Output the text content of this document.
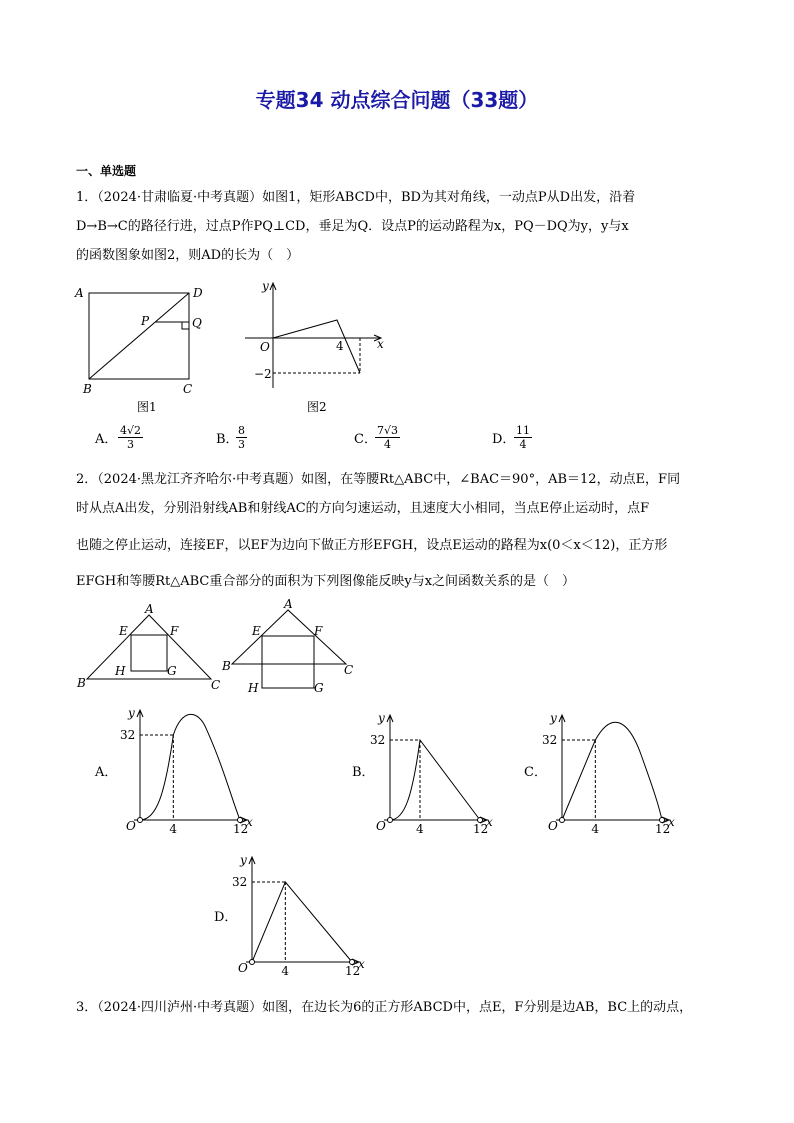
专题34 动点综合问题（33题）
一、单选题
1．（2024·甘肃临夏·中考真题）如图1，矩形ABCD中，BD为其对角线，一动点P从D出发，沿着
D→B→C的路径行进，过点P作PQ⊥CD，垂足为Q．设点P的运动路程为x，PQ－DQ为y，y与x
的函数图象如图2，则AD的长为（　）
A	D
B	C
P	Q
图1
y
x
O	4
−2
图2
A． $\frac{4√2}{3}$	B．
$\frac{8}{3}$	C．
$\frac{7√3}{4}$	D．
$\frac{11}{4}$
2．（2024·黑龙江齐齐哈尔·中考真题）如图，在等腰Rt△ABC中，∠BAC＝90°，AB＝12，动点E，F同
时从点A出发，分别沿射线AB和射线AC的方向匀速运动，且速度大小相同，当点E停止运动时，点F
也随之停止运动，连接EF，以EF为边向下做正方形EFGH，设点E运动的路程为x(0＜x＜12)，正方形
EFGH和等腰Rt△ABC重合部分的面积为下列图像能反映y与x之间函数关系的是（　）
A
B	C
E	F
H	G
A
B	C
E	F
H	G
A．	B．	C．
D．
y
x
O
32
4	12
y
x
O
32
4	12
y
x
O
32
4	12
y
x
O
32
4	12
3．（2024·四川泸州·中考真题）如图，在边长为6的正方形ABCD中，点E，F分别是边AB，BC上的动点，
